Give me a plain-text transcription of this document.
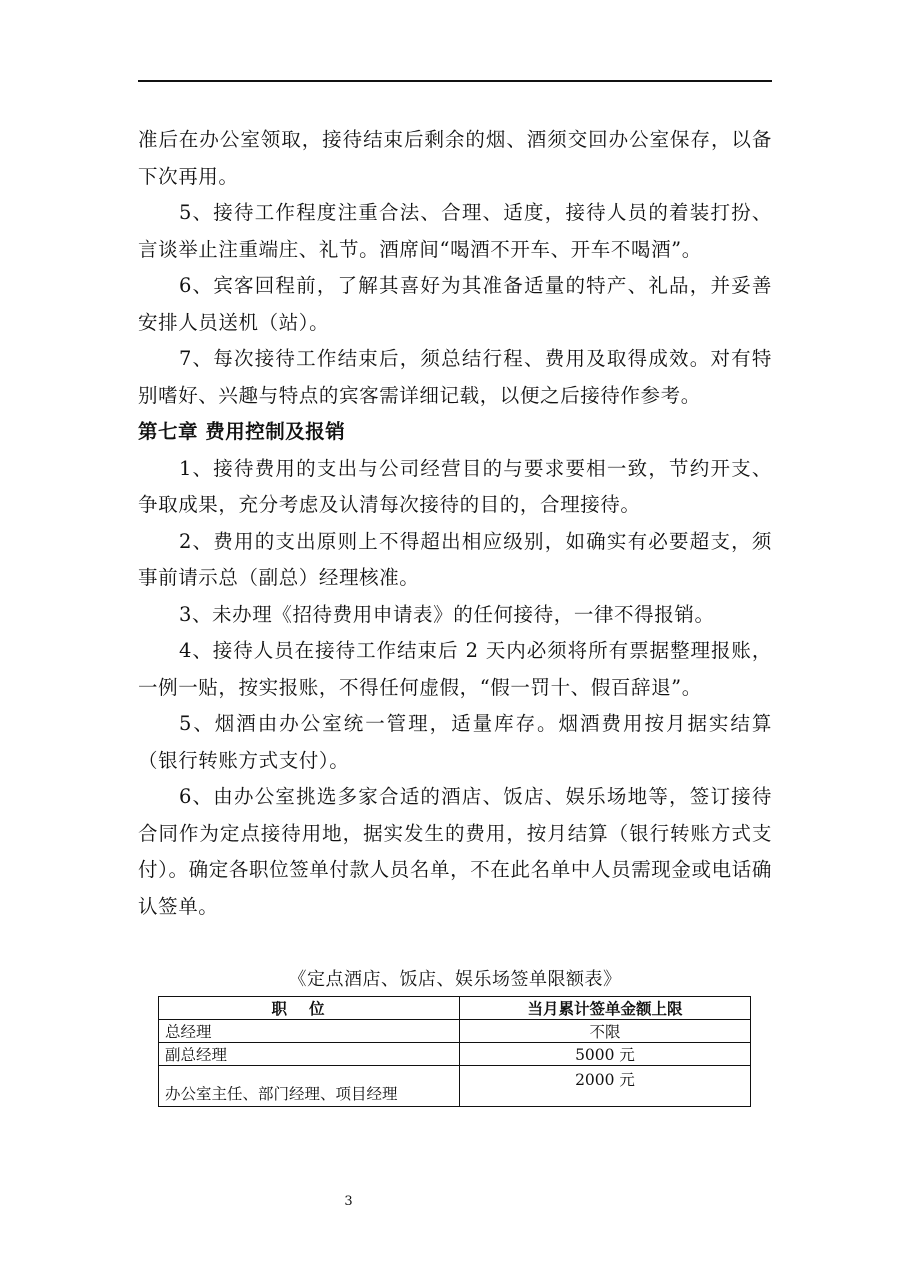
准后在办公室领取，接待结束后剩余的烟、酒须交回办公室保存，以备下次再用。

5、接待工作程度注重合法、合理、适度，接待人员的着装打扮、言谈举止注重端庄、礼节。酒席间“喝酒不开车、开车不喝酒”。

6、宾客回程前，了解其喜好为其准备适量的特产、礼品，并妥善安排人员送机（站）。

7、每次接待工作结束后，须总结行程、费用及取得成效。对有特别嗜好、兴趣与特点的宾客需详细记载，以便之后接待作参考。

第七章 费用控制及报销

1、接待费用的支出与公司经营目的与要求要相一致，节约开支、争取成果，充分考虑及认清每次接待的目的，合理接待。

2、费用的支出原则上不得超出相应级别，如确实有必要超支，须事前请示总（副总）经理核准。

3、未办理《招待费用申请表》的任何接待，一律不得报销。

4、接待人员在接待工作结束后 2 天内必须将所有票据整理报账，一例一贴，按实报账，不得任何虚假，“假一罚十、假百辞退”。

5、烟酒由办公室统一管理，适量库存。烟酒费用按月据实结算（银行转账方式支付）。

6、由办公室挑选多家合适的酒店、饭店、娱乐场地等，签订接待合同作为定点接待用地，据实发生的费用，按月结算（银行转账方式支付）。确定各职位签单付款人员名单，不在此名单中人员需现金或电话确认签单。

《定点酒店、饭店、娱乐场签单限额表》
职位	当月累计签单金额上限
总经理	不限
副总经理	5000 元
办公室主任、部门经理、项目经理	2000 元
3
